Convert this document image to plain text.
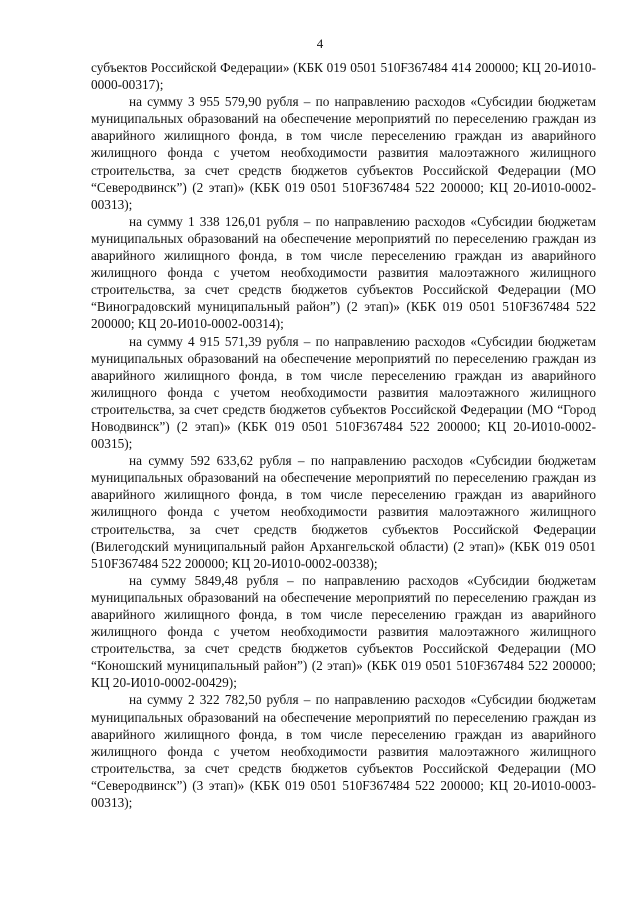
4

субъектов Российской Федерации» (КБК 019 0501 510F367484 414 200000; КЦ 20-И010-0000-00317);

на сумму 3 955 579,90 рубля – по направлению расходов «Субсидии бюджетам муниципальных образований на обеспечение мероприятий по переселению граждан из аварийного жилищного фонда, в том числе переселению граждан из аварийного жилищного фонда с учетом необходимости развития малоэтажного жилищного строительства, за счет средств бюджетов субъектов Российской Федерации (МО “Северодвинск”) (2 этап)» (КБК 019 0501 510F367484 522 200000; КЦ 20-И010-0002-00313);

на сумму 1 338 126,01 рубля – по направлению расходов «Субсидии бюджетам муниципальных образований на обеспечение мероприятий по переселению граждан из аварийного жилищного фонда, в том числе переселению граждан из аварийного жилищного фонда с учетом необходимости развития малоэтажного жилищного строительства, за счет средств бюджетов субъектов Российской Федерации (МО “Виноградовский муниципальный район”) (2 этап)» (КБК 019 0501 510F367484 522 200000; КЦ 20-И010-0002-00314);

на сумму 4 915 571,39 рубля – по направлению расходов «Субсидии бюджетам муниципальных образований на обеспечение мероприятий по переселению граждан из аварийного жилищного фонда, в том числе переселению граждан из аварийного жилищного фонда с учетом необходимости развития малоэтажного жилищного строительства, за счет средств бюджетов субъектов Российской Федерации (МО “Город Новодвинск”) (2 этап)» (КБК 019 0501 510F367484 522 200000; КЦ 20-И010-0002-00315);

на сумму 592 633,62 рубля – по направлению расходов «Субсидии бюджетам муниципальных образований на обеспечение мероприятий по переселению граждан из аварийного жилищного фонда, в том числе переселению граждан из аварийного жилищного фонда с учетом необходимости развития малоэтажного жилищного строительства, за счет средств бюджетов субъектов Российской Федерации (Вилегодский муниципальный район Архангельской области) (2 этап)» (КБК 019 0501 510F367484 522 200000; КЦ 20-И010-0002-00338);

на сумму 5849,48 рубля – по направлению расходов «Субсидии бюджетам муниципальных образований на обеспечение мероприятий по переселению граждан из аварийного жилищного фонда, в том числе переселению граждан из аварийного жилищного фонда с учетом необходимости развития малоэтажного жилищного строительства, за счет средств бюджетов субъектов Российской Федерации (МО “Коношский муниципальный район”) (2 этап)» (КБК 019 0501 510F367484 522 200000; КЦ 20-И010-0002-00429);

на сумму 2 322 782,50 рубля – по направлению расходов «Субсидии бюджетам муниципальных образований на обеспечение мероприятий по переселению граждан из аварийного жилищного фонда, в том числе переселению граждан из аварийного жилищного фонда с учетом необходимости развития малоэтажного жилищного строительства, за счет средств бюджетов субъектов Российской Федерации (МО “Северодвинск”) (3 этап)» (КБК 019 0501 510F367484 522 200000; КЦ 20-И010-0003-00313);
